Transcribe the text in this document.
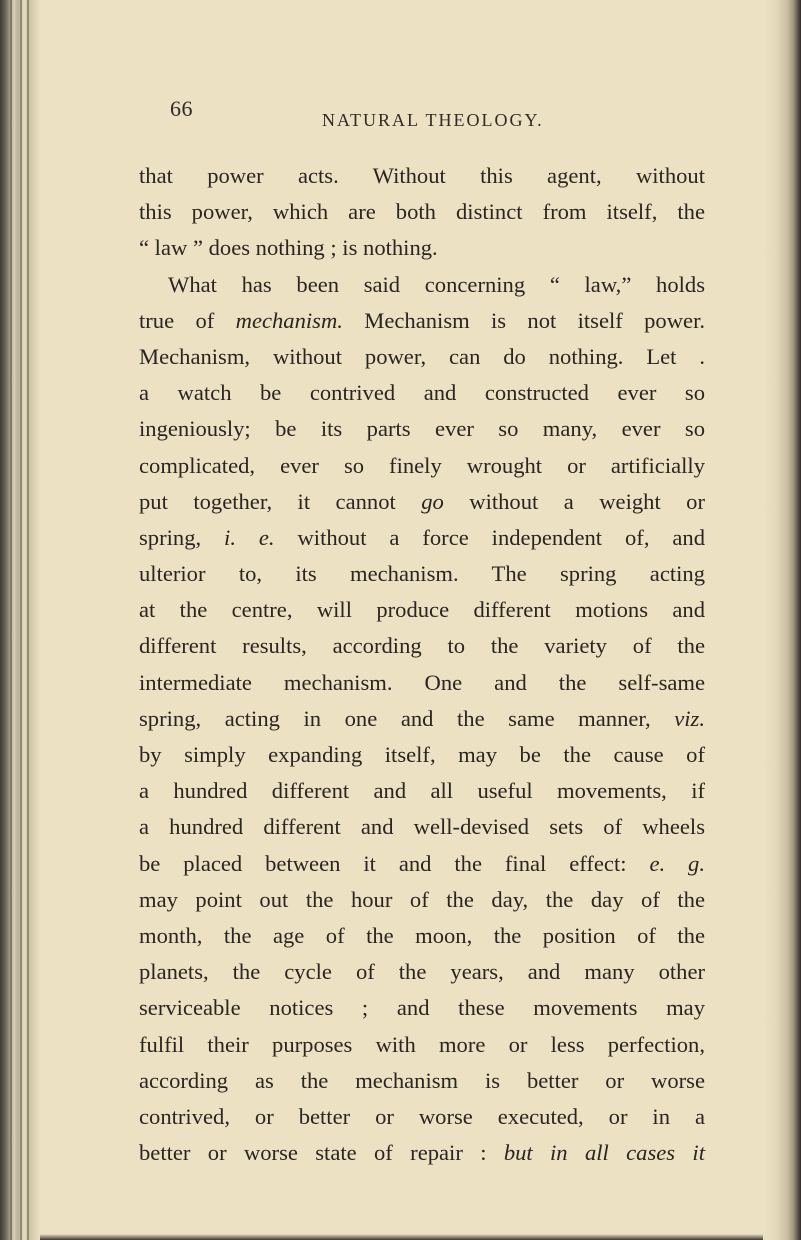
66	NATURAL THEOLOGY.
that power acts. Without this agent, without
this power, which are both distinct from itself, the
“ law ” does nothing ; is nothing.
What has been said concerning “ law,” holds
true of mechanism. Mechanism is not itself power.
Mechanism, without power, can do nothing. Let .
a watch be contrived and constructed ever so
ingeniously; be its parts ever so many, ever so
complicated, ever so finely wrought or artificially
put together, it cannot go without a weight or
spring, i. e. without a force independent of, and
ulterior to, its mechanism. The spring acting
at the centre, will produce different motions and
different results, according to the variety of the
intermediate mechanism. One and the self-same
spring, acting in one and the same manner, viz.
by simply expanding itself, may be the cause of
a hundred different and all useful movements, if
a hundred different and well-devised sets of wheels
be placed between it and the final effect: e. g.
may point out the hour of the day, the day of the
month, the age of the moon, the position of the
planets, the cycle of the years, and many other
serviceable notices ; and these movements may
fulfil their purposes with more or less perfection,
according as the mechanism is better or worse
contrived, or better or worse executed, or in a
better or worse state of repair : but in all cases it
